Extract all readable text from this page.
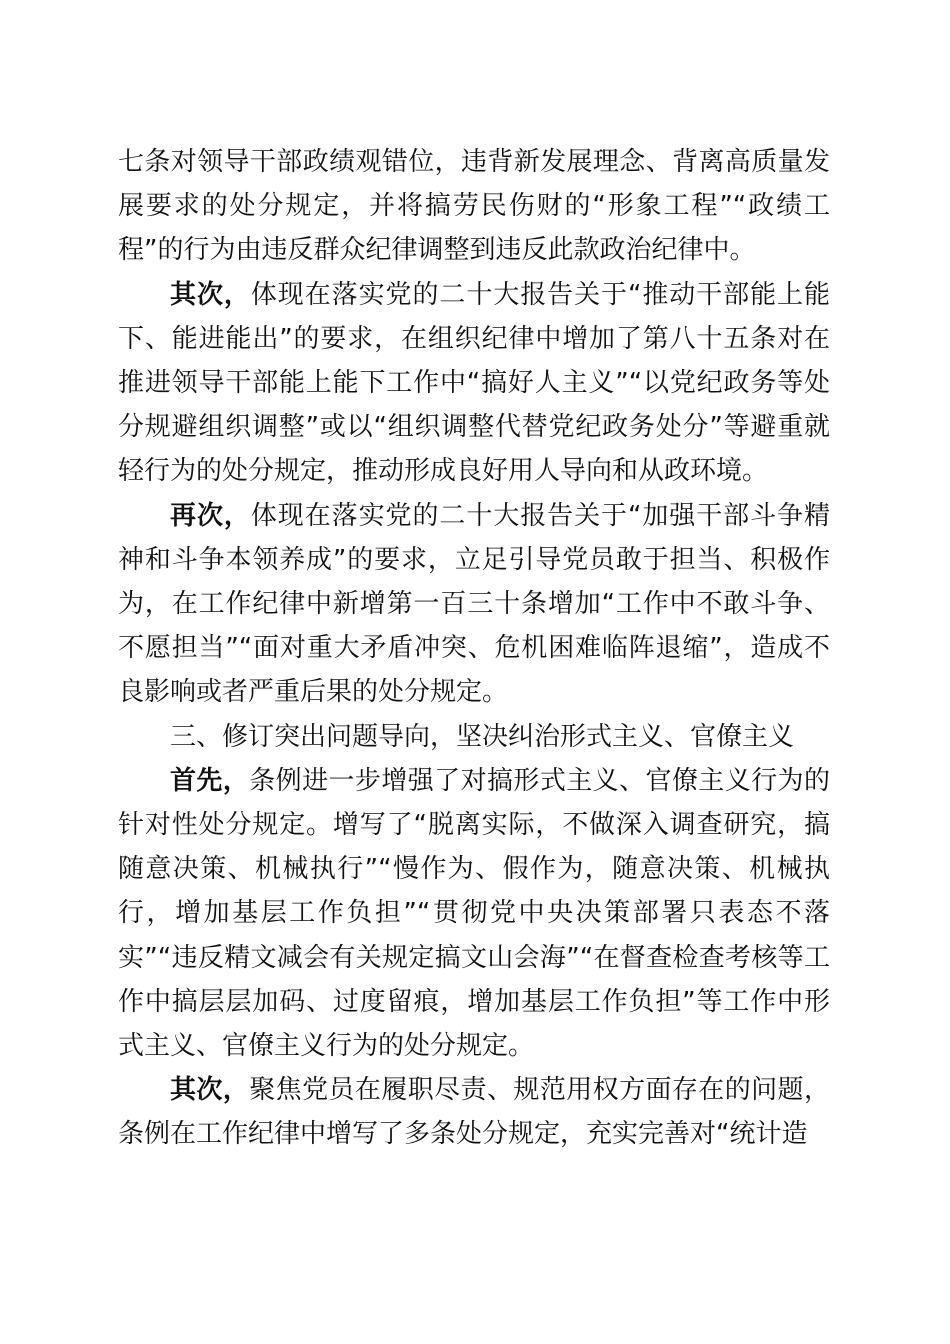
七条对领导干部政绩观错位，违背新发展理念、背离高质量发展要求的处分规定，并将搞劳民伤财的“形象工程”“政绩工程”的行为由违反群众纪律调整到违反此款政治纪律中。

其次，体现在落实党的二十大报告关于“推动干部能上能下、能进能出”的要求，在组织纪律中增加了第八十五条对在推进领导干部能上能下工作中“搞好人主义”“以党纪政务等处分规避组织调整”或以“组织调整代替党纪政务处分”等避重就轻行为的处分规定，推动形成良好用人导向和从政环境。

再次，体现在落实党的二十大报告关于“加强干部斗争精神和斗争本领养成”的要求，立足引导党员敢于担当、积极作为，在工作纪律中新增第一百三十条增加“工作中不敢斗争、不愿担当”“面对重大矛盾冲突、危机困难临阵退缩”，造成不良影响或者严重后果的处分规定。

三、修订突出问题导向，坚决纠治形式主义、官僚主义

首先，条例进一步增强了对搞形式主义、官僚主义行为的针对性处分规定。增写了“脱离实际，不做深入调查研究，搞随意决策、机械执行”“慢作为、假作为，随意决策、机械执行，增加基层工作负担”“贯彻党中央决策部署只表态不落实”“违反精文减会有关规定搞文山会海”“在督查检查考核等工作中搞层层加码、过度留痕，增加基层工作负担”等工作中形式主义、官僚主义行为的处分规定。

其次，聚焦党员在履职尽责、规范用权方面存在的问题，条例在工作纪律中增写了多条处分规定，充实完善对“统计造
